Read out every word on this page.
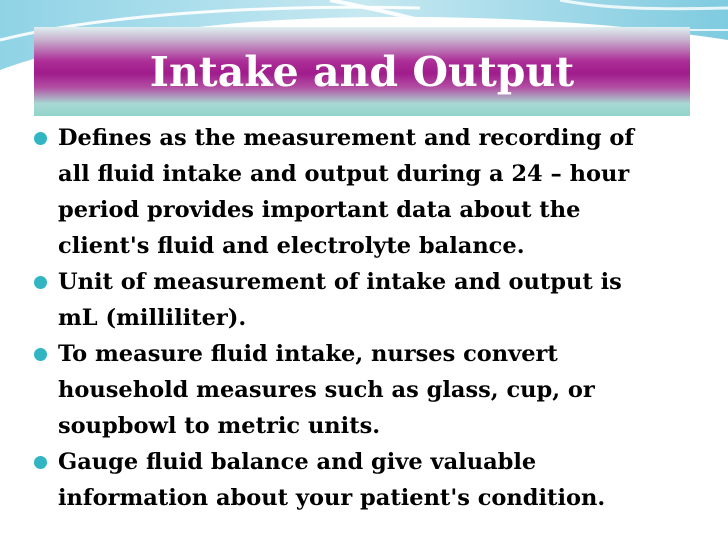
Intake and Output
Defines as the measurement and recording of
all fluid intake and output during a 24 – hour
period provides important data about the
client's fluid and electrolyte balance.
Unit of measurement of intake and output is
mL (milliliter).
To measure fluid intake, nurses convert
household measures such as glass, cup, or
soupbowl to metric units.
Gauge fluid balance and give valuable
information about your patient's condition.
